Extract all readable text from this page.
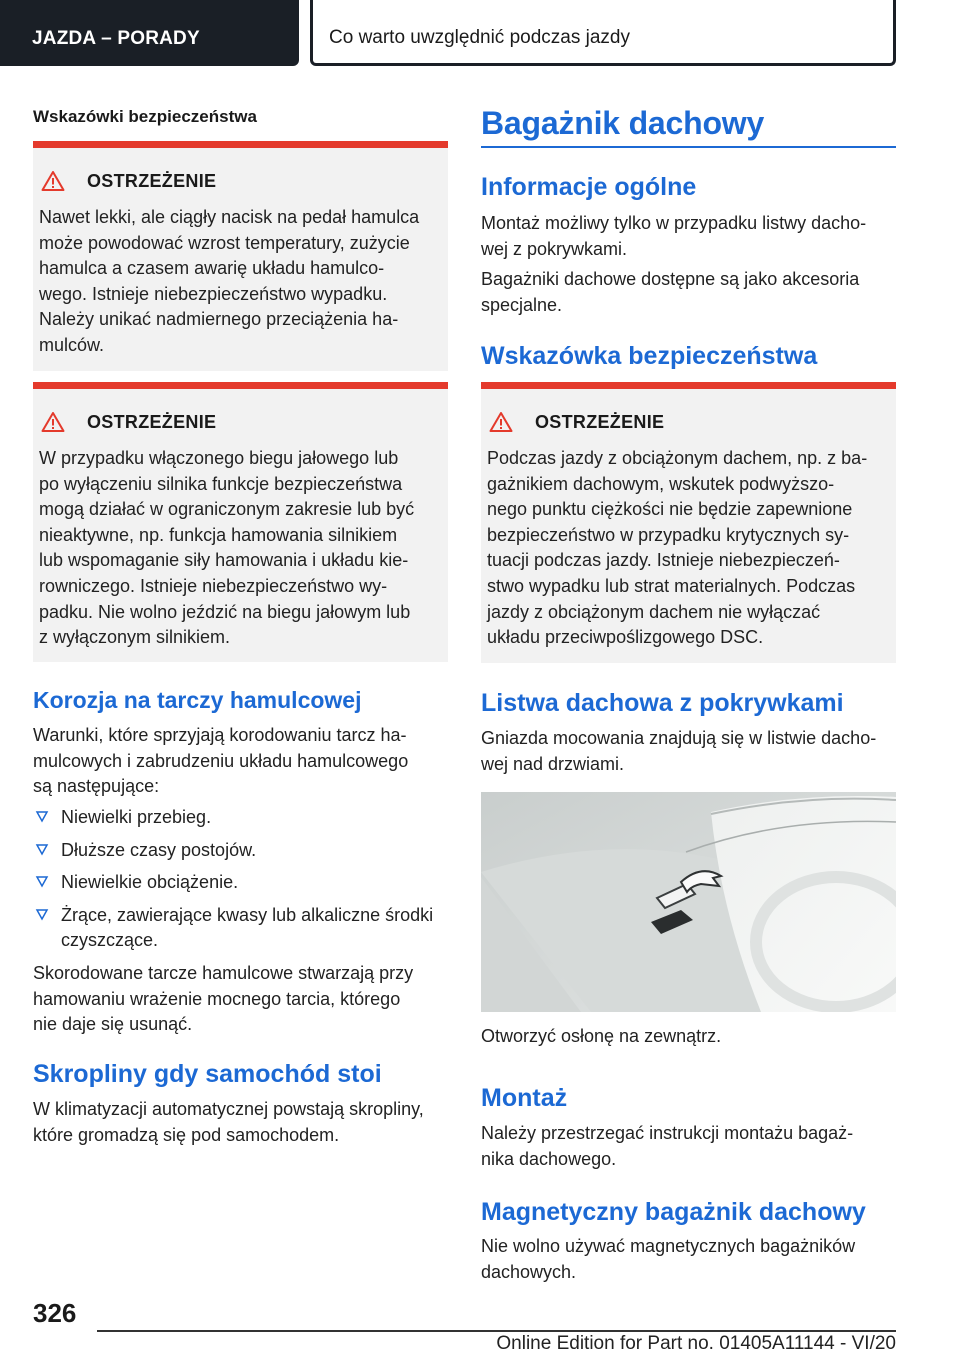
JAZDA – PORADY	Co warto uwzględnić podczas jazdy
Wskazówki bezpieczeństwa
OSTRZEŻENIE
Nawet lekki, ale ciągły nacisk na pedał hamulca
może powodować wzrost temperatury, zużycie
hamulca a czasem awarię układu hamulco-
wego. Istnieje niebezpieczeństwo wypadku.
Należy unikać nadmiernego przeciążenia ha-
mulców.
OSTRZEŻENIE
W przypadku włączonego biegu jałowego lub
po wyłączeniu silnika funkcje bezpieczeństwa
mogą działać w ograniczonym zakresie lub być
nieaktywne, np. funkcja hamowania silnikiem
lub wspomaganie siły hamowania i układu kie-
rowniczego. Istnieje niebezpieczeństwo wy-
padku. Nie wolno jeździć na biegu jałowym lub
z wyłączonym silnikiem.
Korozja na tarczy hamulcowej
Warunki, które sprzyjają korodowaniu tarcz ha-
mulcowych i zabrudzeniu układu hamulcowego
są następujące:
Niewielki przebieg.
Dłuższe czasy postojów.
Niewielkie obciążenie.
Żrące, zawierające kwasy lub alkaliczne środki czyszczące.
Skorodowane tarcze hamulcowe stwarzają przy
hamowaniu wrażenie mocnego tarcia, którego
nie daje się usunąć.
Skropliny gdy samochód stoi
W klimatyzacji automatycznej powstają skropliny,
które gromadzą się pod samochodem.
Bagażnik dachowy
Informacje ogólne
Montaż możliwy tylko w przypadku listwy dacho-
wej z pokrywkami.
Bagażniki dachowe dostępne są jako akcesoria
specjalne.
Wskazówka bezpieczeństwa
OSTRZEŻENIE
Podczas jazdy z obciążonym dachem, np. z ba-
gażnikiem dachowym, wskutek podwyższo-
nego punktu ciężkości nie będzie zapewnione
bezpieczeństwo w przypadku krytycznych sy-
tuacji podczas jazdy. Istnieje niebezpieczeń-
stwo wypadku lub strat materialnych. Podczas
jazdy z obciążonym dachem nie wyłączać
układu przeciwpoślizgowego DSC.
Listwa dachowa z pokrywkami
Gniazda mocowania znajdują się w listwie dacho-
wej nad drzwiami.
Otworzyć osłonę na zewnątrz.
Montaż
Należy przestrzegać instrukcji montażu bagaż-
nika dachowego.
Magnetyczny bagażnik dachowy
Nie wolno używać magnetycznych bagażników
dachowych.
326
Online Edition for Part no. 01405A11144 - VI/20
